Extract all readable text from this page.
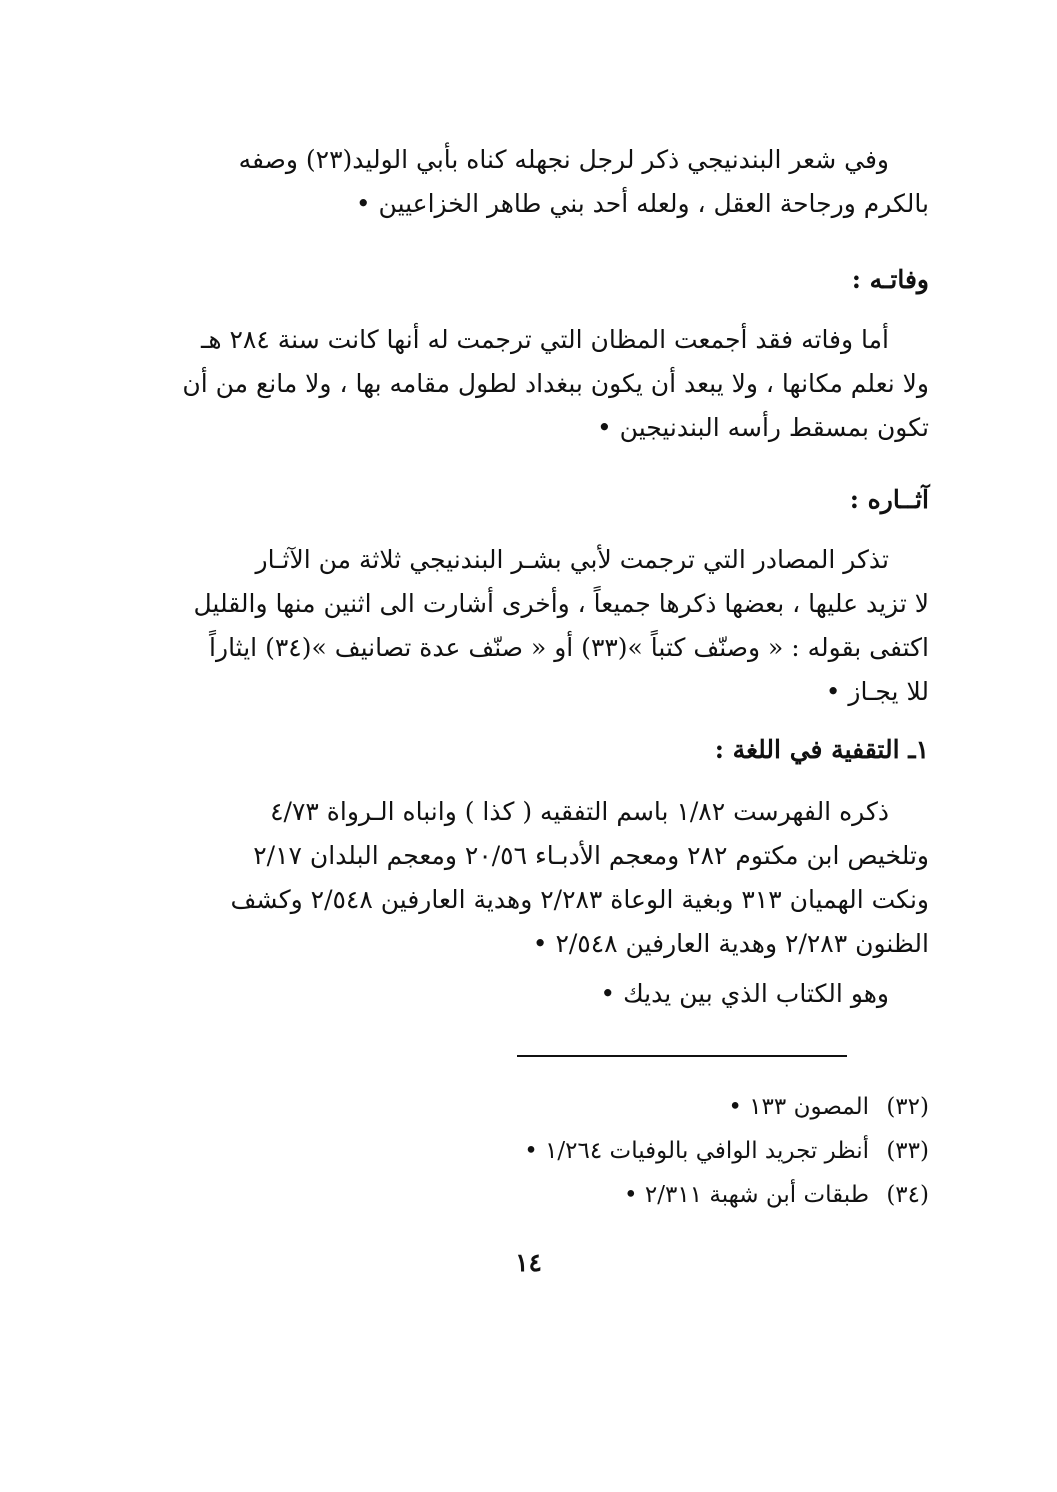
وفي شعر البندنيجي ذكر لرجل نجهله كناه بأبي الوليد(٢٣) وصفه

بالكرم ورجاحة العقل ، ولعله أحد بني طاهر الخزاعيين •

وفاتـه :

أما وفاته فقد أجمعت المظان التي ترجمت له أنها كانت سنة ٢٨٤ هـ

ولا نعلم مكانها ، ولا يبعد أن يكون ببغداد لطول مقامه بها ، ولا مانع من أن

تكون بمسقط رأسه البندنيجين •

آثــاره :

تذكر المصادر التي ترجمت لأبي بشـر البندنيجي ثلاثة من الآثـار

لا تزيد عليها ، بعضها ذكرها جميعاً ، وأخرى أشارت الى اثنين منها والقليل

اكتفى بقوله : « وصنّف كتباً »(٣٣) أو « صنّف عدة تصانيف »(٣٤) ايثاراً

للا يجـاز •

١ـ التقفية في اللغة :

ذكره الفهرست ١/٨٢ باسم التفقيه ( كذا ) وانباه الـرواة ٤/٧٣

وتلخيص ابن مكتوم ٢٨٢ ومعجم الأدبـاء ٢٠/٥٦ ومعجم البلدان ٢/١٧

ونكت الهميان ٣١٣ وبغية الوعاة ٢/٢٨٣ وهدية العارفين ٢/٥٤٨ وكشف

الظنون ٢/٢٨٣ وهدية العارفين ٢/٥٤٨ •

وهو الكتاب الذي بين يديك •

(٣٢)
المصون ١٣٣ •
(٣٣)
أنظر تجريد الوافي بالوفيات ١/٢٦٤ •
(٣٤)
طبقات أبن شهبة ٢/٣١١ •
١٤
